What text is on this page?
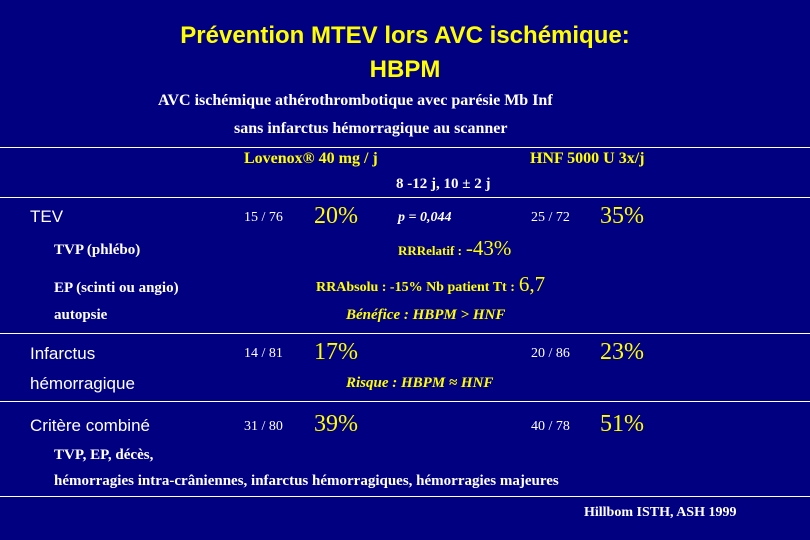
Prévention MTEV lors AVC ischémique:
HBPM
AVC ischémique athérothrombotique avec parésie Mb Inf
sans infarctus hémorragique au scanner
Lovenox® 40 mg / j	HNF 5000 U 3x/j
8 -12 j, 10 ± 2 j
TEV	15 / 76 20%	p = 0,044	25 / 72 35%
TVP (phlébo)	RRRelatif : -43%
EP (scinti ou angio)	RRAbsolu : -15% Nb patient Tt : 6,7
autopsie	Bénéfice : HBPM > HNF
Infarctus
hémorragique
14 / 81 17%	20 / 86 23%
Risque : HBPM ≈ HNF
Critère combiné	31 / 80 39%	40 / 78 51%
TVP, EP, décès,
hémorragies intra-crâniennes, infarctus hémorragiques, hémorragies majeures
Hillbom ISTH, ASH 1999
